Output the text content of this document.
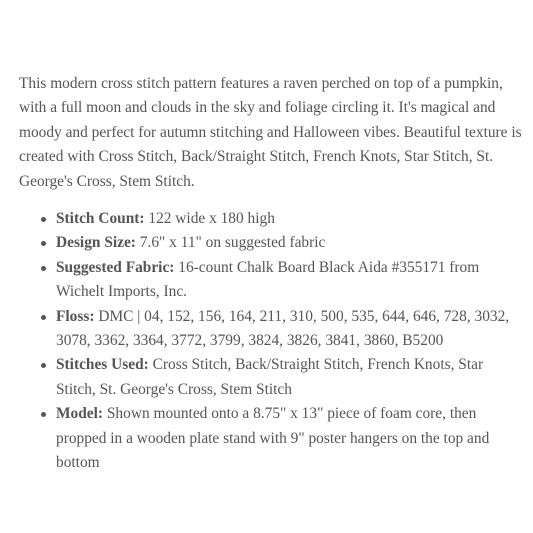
This modern cross stitch pattern features a raven perched on top of a pumpkin, with a full moon and clouds in the sky and foliage circling it. It's magical and moody and perfect for autumn stitching and Halloween vibes. Beautiful texture is created with Cross Stitch, Back/Straight Stitch, French Knots, Star Stitch, St. George's Cross, Stem Stitch.

Stitch Count: 122 wide x 180 high
Design Size: 7.6" x 11" on suggested fabric
Suggested Fabric: 16-count Chalk Board Black Aida #355171 from Wichelt Imports, Inc.
Floss: DMC | 04, 152, 156, 164, 211, 310, 500, 535, 644, 646, 728, 3032, 3078, 3362, 3364, 3772, 3799, 3824, 3826, 3841, 3860, B5200
Stitches Used: Cross Stitch, Back/Straight Stitch, French Knots, Star Stitch, St. George's Cross, Stem Stitch
Model: Shown mounted onto a 8.75" x 13" piece of foam core, then propped in a wooden plate stand with 9" poster hangers on the top and bottom
